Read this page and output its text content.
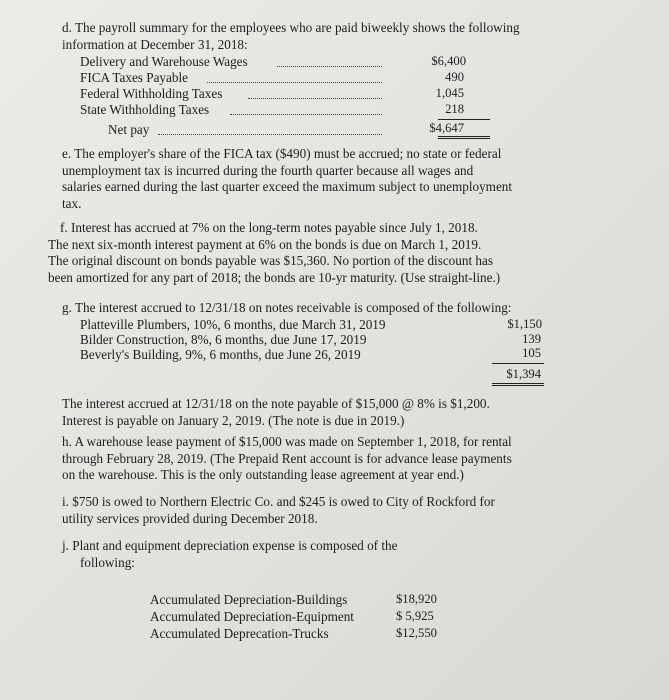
d. The payroll summary for the employees who are paid biweekly shows the following
information at December 31, 2018:
Delivery and Warehouse Wages	$6,400
FICA Taxes Payable	490
Federal Withholding Taxes	1,045
State Withholding Taxes	218
Net pay	$4,647
e. The employer's share of the FICA tax ($490) must be accrued; no state or federal
unemployment tax is incurred during the fourth quarter because all wages and
salaries earned during the last quarter exceed the maximum subject to unemployment
tax.
f. Interest has accrued at 7% on the long-term notes payable since July 1, 2018.
The next six-month interest payment at 6% on the bonds is due on March 1, 2019.
The original discount on bonds payable was $15,360. No portion of the discount has
been amortized for any part of 2018; the bonds are 10-yr maturity. (Use straight-line.)
g. The interest accrued to 12/31/18 on notes receivable is composed of the following:
Platteville Plumbers, 10%, 6 months, due March 31, 2019	$1,150
Bilder Construction, 8%, 6 months, due June 17, 2019	139
Beverly's Building, 9%, 6 months, due June 26, 2019	105
$1,394
The interest accrued at 12/31/18 on the note payable of $15,000 @ 8% is $1,200.
Interest is payable on January 2, 2019. (The note is due in 2019.)
h. A warehouse lease payment of $15,000 was made on September 1, 2018, for rental
through February 28, 2019. (The Prepaid Rent account is for advance lease payments
on the warehouse. This is the only outstanding lease agreement at year end.)
i. $750 is owed to Northern Electric Co. and $245 is owed to City of Rockford for
utility services provided during December 2018.
j. Plant and equipment depreciation expense is composed of the
following:
Accumulated Depreciation-Buildings	$18,920
Accumulated Depreciation-Equipment	$ 5,925
Accumulated Deprecation-Trucks	$12,550
